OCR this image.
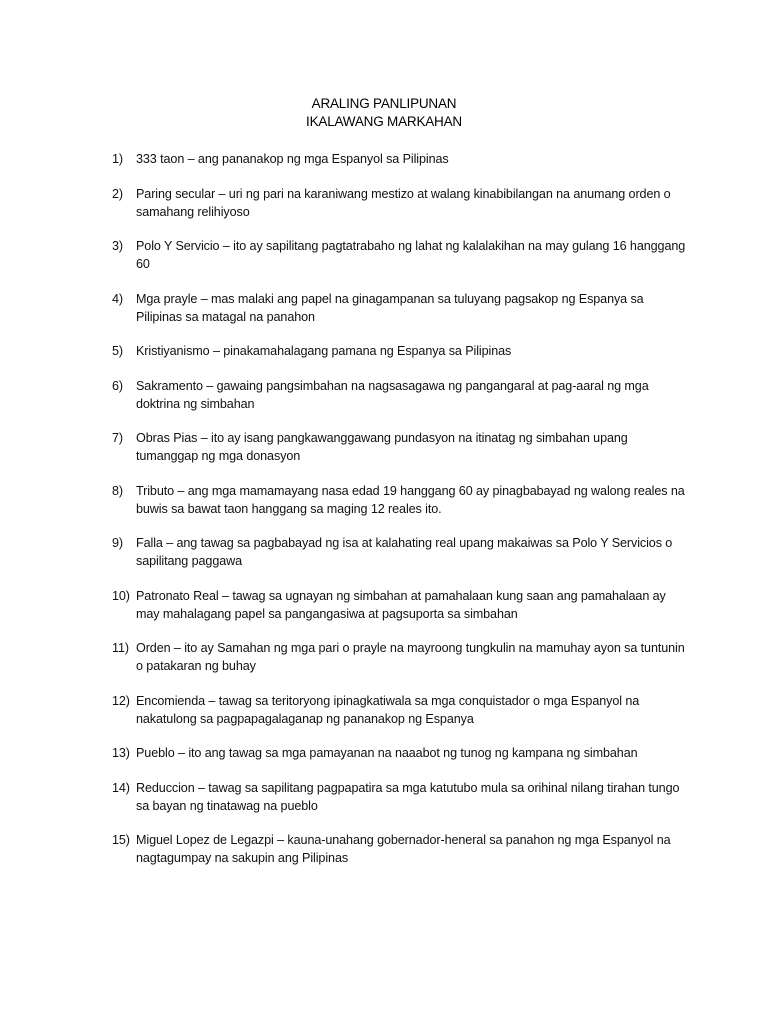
ARALING PANLIPUNAN
IKALAWANG MARKAHAN
1)	333 taon – ang pananakop ng mga Espanyol sa Pilipinas
2)	Paring secular – uri ng pari na karaniwang mestizo at walang kinabibilangan na anumang orden o samahang relihiyoso
3)	Polo Y Servicio – ito ay sapilitang pagtatrabaho ng lahat ng kalalakihan na may gulang 16 hanggang 60
4)	Mga prayle – mas malaki ang papel na ginagampanan sa tuluyang pagsakop ng Espanya sa Pilipinas sa matagal na panahon
5)	Kristiyanismo – pinakamahalagang pamana ng Espanya sa Pilipinas
6)	Sakramento – gawaing pangsimbahan na nagsasagawa ng pangangaral at pag-aaral ng mga doktrina ng simbahan
7)	Obras Pias – ito ay isang pangkawanggawang pundasyon na itinatag ng simbahan upang tumanggap ng mga donasyon
8)	Tributo – ang mga mamamayang nasa edad 19 hanggang 60 ay pinagbabayad ng walong reales na buwis sa bawat taon hanggang sa maging 12 reales ito.
9)	Falla – ang tawag sa pagbabayad ng isa at kalahating real upang makaiwas sa Polo Y Servicios o sapilitang paggawa
10) Patronato Real – tawag sa ugnayan ng simbahan at pamahalaan kung saan ang pamahalaan ay may mahalagang papel sa pangangasiwa at pagsuporta sa simbahan
11) Orden – ito ay Samahan ng mga pari o prayle na mayroong tungkulin na mamuhay ayon sa tuntunin o patakaran ng buhay
12) Encomienda – tawag sa teritoryong ipinagkatiwala sa mga conquistador o mga Espanyol na nakatulong sa pagpapagalaganap ng pananakop ng Espanya
13) Pueblo – ito ang tawag sa mga pamayanan na naaabot ng tunog ng kampana ng simbahan
14) Reduccion – tawag sa sapilitang pagpapatira sa mga katutubo mula sa orihinal nilang tirahan tungo sa bayan ng tinatawag na pueblo
15) Miguel Lopez de Legazpi – kauna-unahang gobernador-heneral sa panahon ng mga Espanyol na nagtagumpay na sakupin ang Pilipinas
